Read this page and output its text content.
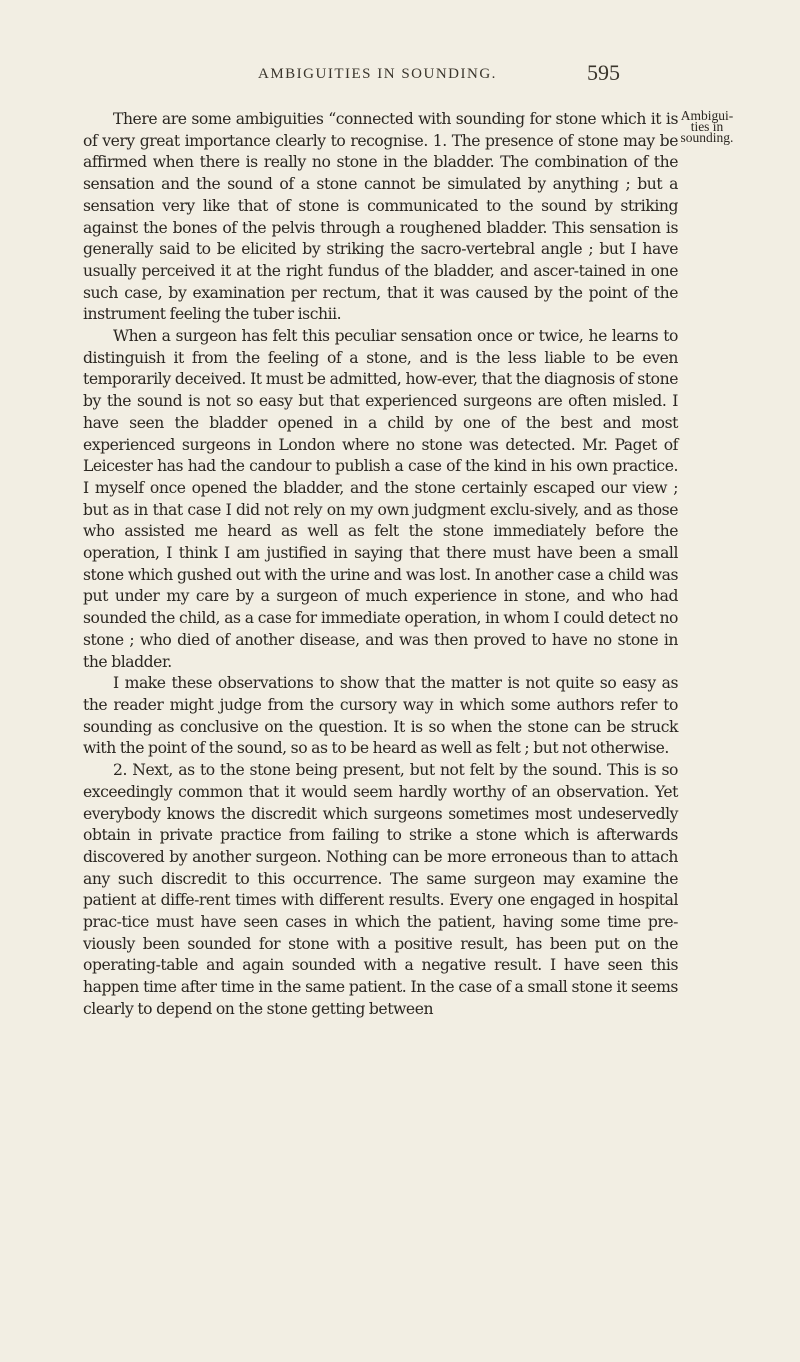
AMBIGUITIES IN SOUNDING.	595
Ambigui-
ties in
sounding.

There are some ambiguities “connected with sounding for stone which it is of very great importance clearly to recognise. 1. The presence of stone may be affirmed when there is really no stone in the bladder. The combination of the sensation and the sound of a stone cannot be simulated by anything ; but a sensation very like that of stone is communicated to the sound by striking against the bones of the pelvis through a roughened bladder. This sensation is generally said to be elicited by striking the sacro-vertebral angle ; but I have usually perceived it at the right fundus of the bladder, and ascer-tained in one such case, by examination per rectum, that it was caused by the point of the instrument feeling the tuber ischii.

When a surgeon has felt this peculiar sensation once or twice, he learns to distinguish it from the feeling of a stone, and is the less liable to be even temporarily deceived. It must be admitted, how-ever, that the diagnosis of stone by the sound is not so easy but that experienced surgeons are often misled. I have seen the bladder opened in a child by one of the best and most experienced surgeons in London where no stone was detected. Mr. Paget of Leicester has had the candour to publish a case of the kind in his own practice. I myself once opened the bladder, and the stone certainly escaped our view ; but as in that case I did not rely on my own judgment exclu-sively, and as those who assisted me heard as well as felt the stone immediately before the operation, I think I am justified in saying that there must have been a small stone which gushed out with the urine and was lost. In another case a child was put under my care by a surgeon of much experience in stone, and who had sounded the child, as a case for immediate operation, in whom I could detect no stone ; who died of another disease, and was then proved to have no stone in the bladder.

I make these observations to show that the matter is not quite so easy as the reader might judge from the cursory way in which some authors refer to sounding as conclusive on the question. It is so when the stone can be struck with the point of the sound, so as to be heard as well as felt ; but not otherwise.

2. Next, as to the stone being present, but not felt by the sound. This is so exceedingly common that it would seem hardly worthy of an observation. Yet everybody knows the discredit which surgeons sometimes most undeservedly obtain in private practice from failing to strike a stone which is afterwards discovered by another surgeon. Nothing can be more erroneous than to attach any such discredit to this occurrence. The same surgeon may examine the patient at diffe-rent times with different results. Every one engaged in hospital prac-tice must have seen cases in which the patient, having some time pre-viously been sounded for stone with a positive result, has been put on the operating-table and again sounded with a negative result. I have seen this happen time after time in the same patient. In the case of a small stone it seems clearly to depend on the stone getting between
